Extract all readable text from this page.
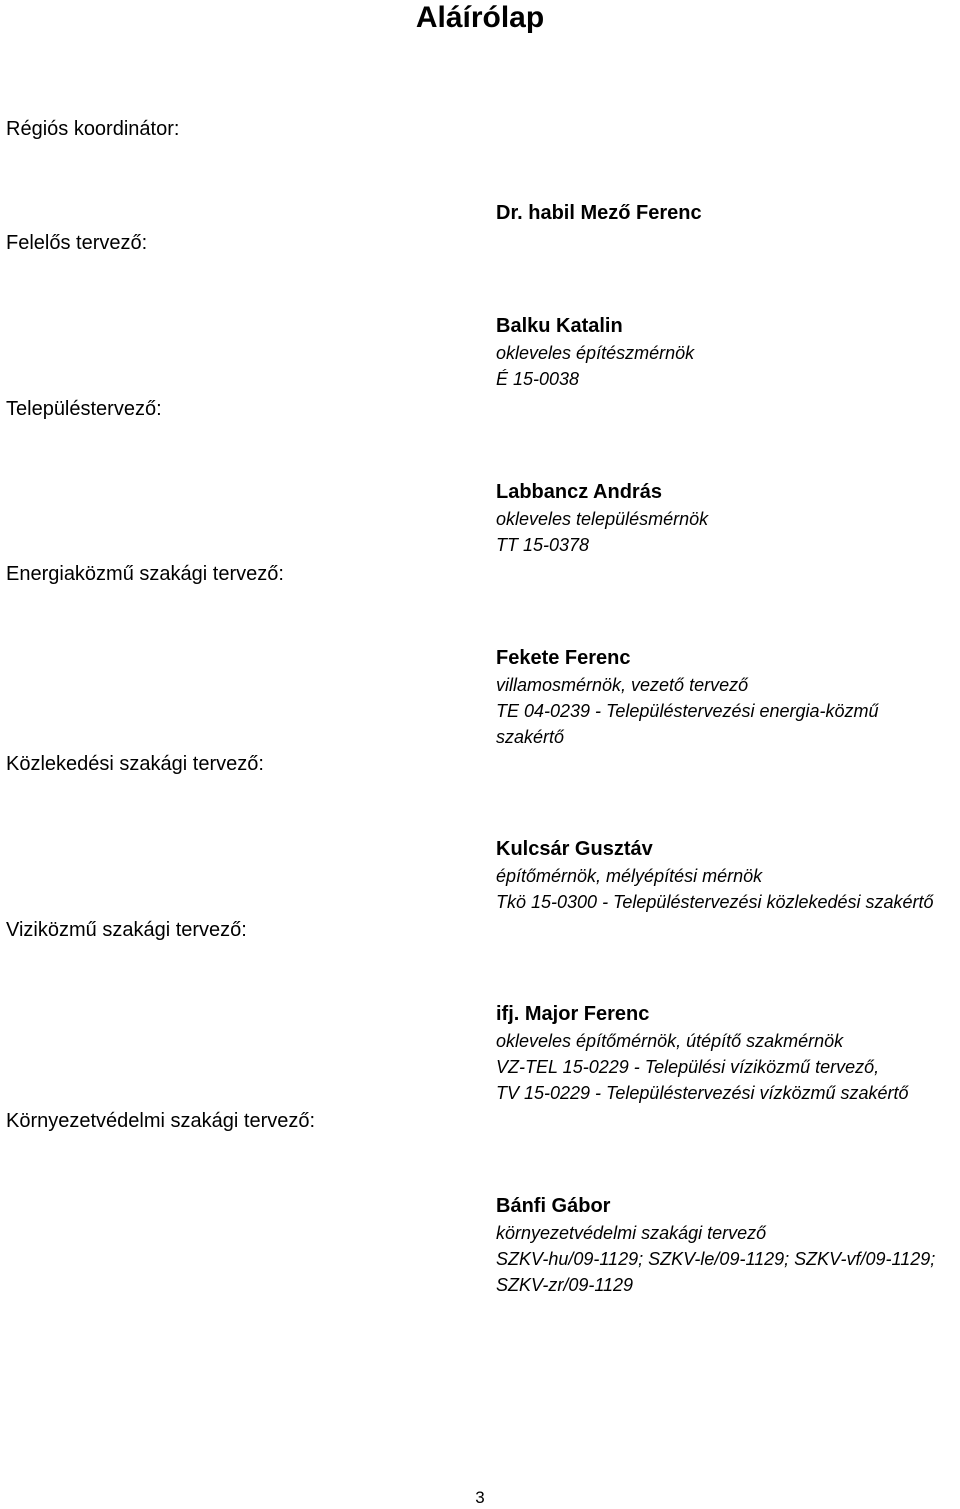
Aláírólap
Régiós koordinátor:
Felelős tervező:
Településtervező:
Energiaközmű szakági tervező:
Közlekedési szakági tervező:
Viziközmű szakági tervező:
Környezetvédelmi szakági tervező:
Dr. habil Mező Ferenc
Balku Katalin
okleveles építészmérnök
É 15-0038
Labbancz András
okleveles településmérnök
TT 15-0378
Fekete Ferenc
villamosmérnök, vezető tervező
TE 04-0239 - Településtervezési energia-közmű
szakértő
Kulcsár Gusztáv
építőmérnök, mélyépítési mérnök
Tkö 15-0300 - Településtervezési közlekedési szakértő
ifj. Major Ferenc
okleveles építőmérnök, útépítő szakmérnök
VZ-TEL 15-0229 - Települési víziközmű tervező,
TV 15-0229 - Településtervezési vízközmű szakértő
Bánfi Gábor
környezetvédelmi szakági tervező
SZKV-hu/09-1129; SZKV-le/09-1129; SZKV-vf/09-1129;
SZKV-zr/09-1129
3
